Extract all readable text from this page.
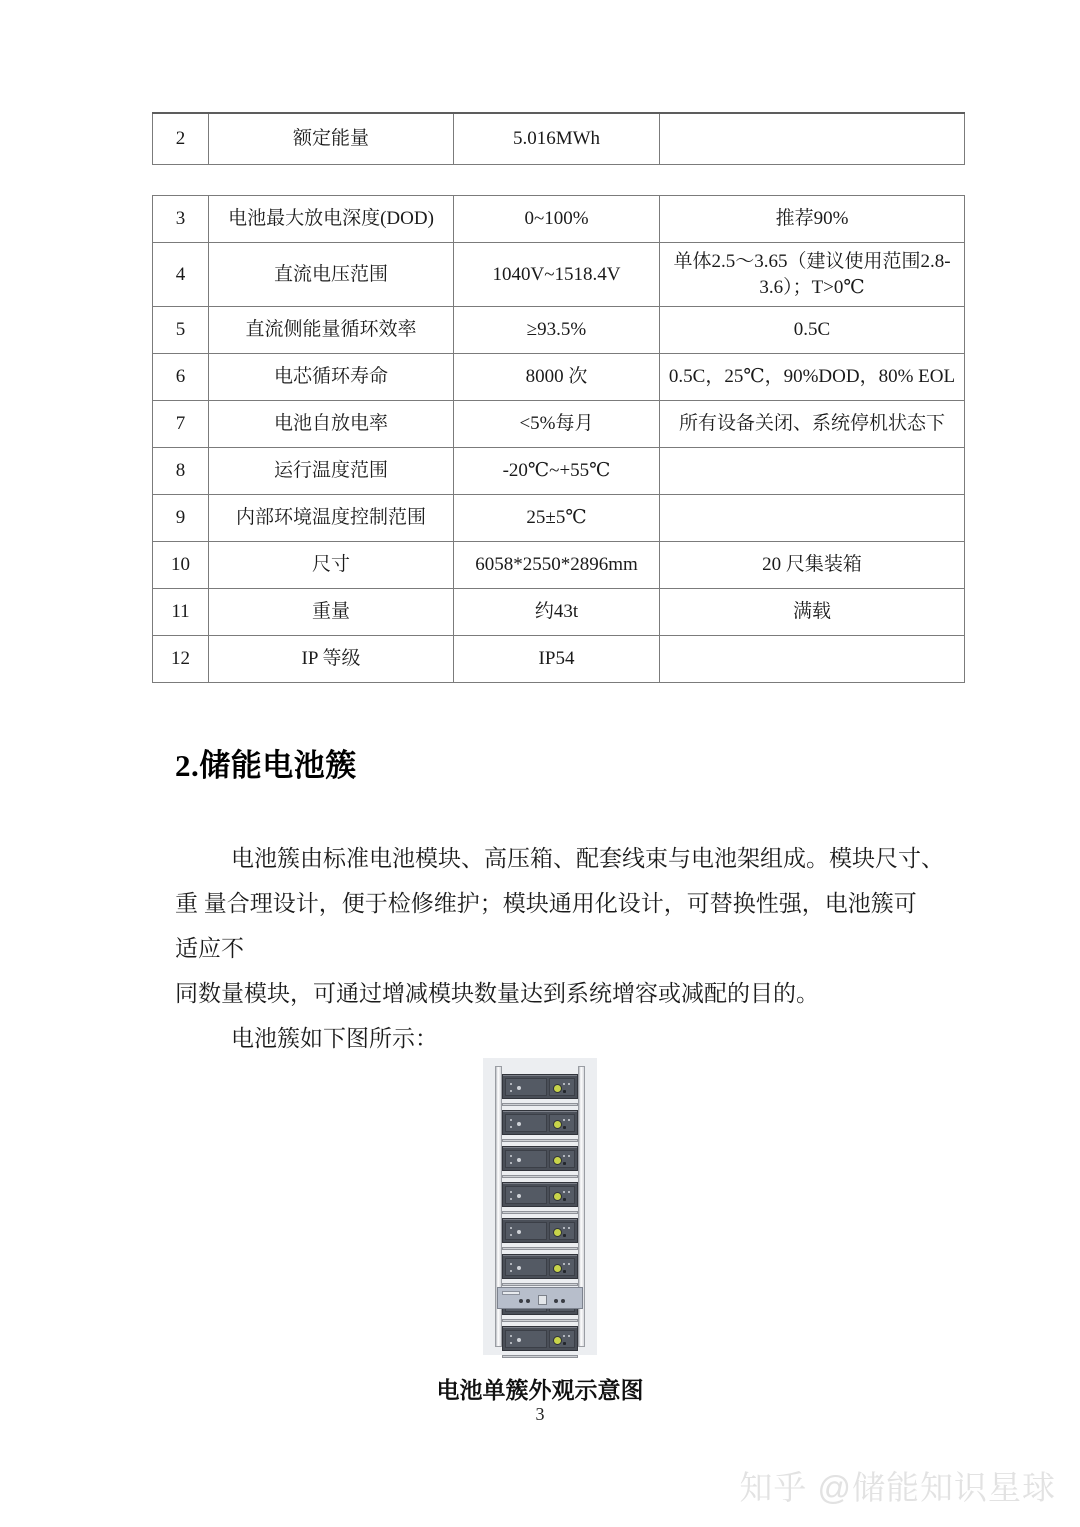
2	额定能量	5.016MWh	
3	电池最大放电深度(DOD)	0~100%	推荐90%
4	直流电压范围	1040V~1518.4V	单体2.5～3.65（建议使用范围2.8-3.6）；T>0℃
5	直流侧能量循环效率	≥93.5%	0.5C
6	电芯循环寿命	8000 次	0.5C，25℃，90%DOD，80% EOL
7	电池自放电率	<5%每月	所有设备关闭、系统停机状态下
8	运行温度范围	-20℃~+55℃	
9	内部环境温度控制范围	25±5℃	
10	尺寸	6058*2550*2896mm	20 尺集装箱
11	重量	约43t	满载
12	IP 等级	IP54	
2.储能电池簇
电池簇由标准电池模块、高压箱、配套线束与电池架组成。模块尺寸、
重 量合理设计，便于检修维护；模块通用化设计，可替换性强，电池簇可
适应不
同数量模块，可通过增减模块数量达到系统增容或减配的目的。
电池簇如下图所示：
电池单簇外观示意图
3
知乎 @储能知识星球
